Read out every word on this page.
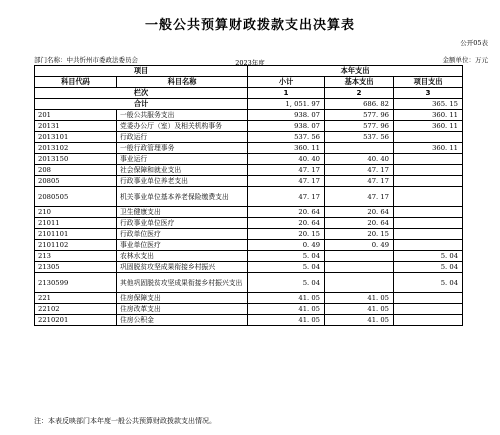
一般公共预算财政拨款支出决算表
公开05表
部门名称：中共忻州市委政法委员会	2023年度	金额单位：万元
项目		本年支出		
科目代码	科目名称	小计	基本支出	项目支出
栏次		1	2	3
合计		1, 051. 97	686. 82	365. 15
201	一般公共服务支出	938. 07	577. 96	360. 11
20131	党委办公厅（室）及相关机构事务	938. 07	577. 96	360. 11
2013101	行政运行	537. 56	537. 56	
2013102	一般行政管理事务	360. 11		360. 11
2013150	事业运行	40. 40	40. 40	
208	社会保障和就业支出	47. 17	47. 17	
20805	行政事业单位养老支出	47. 17	47. 17	
2080505	机关事业单位基本养老保险缴费支出	47. 17	47. 17	
210	卫生健康支出	20. 64	20. 64	
21011	行政事业单位医疗	20. 64	20. 64	
2101101	行政单位医疗	20. 15	20. 15	
2101102	事业单位医疗	0. 49	0. 49	
213	农林水支出	5. 04		5. 04
21305	巩固脱贫攻坚成果衔接乡村振兴	5. 04		5. 04
2130599	其他巩固脱贫攻坚成果衔接乡村振兴支出	5. 04		5. 04
221	住房保障支出	41. 05	41. 05	
22102	住房改革支出	41. 05	41. 05	
2210201	住房公积金	41. 05	41. 05	
注：本表反映部门本年度一般公共预算财政拨款支出情况。
